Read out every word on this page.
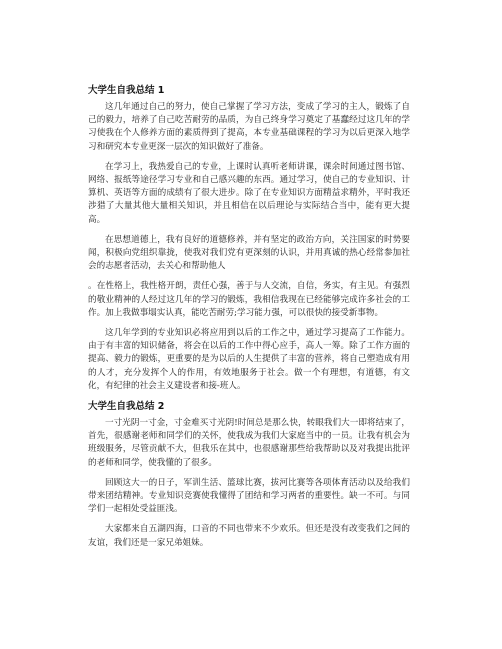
大学生自我总结 1

这几年通过自己的努力，使自己掌握了学习方法，变成了学习的主人，锻炼了自己的毅力，培养了自己吃苦耐劳的品质，为自己终身学习奠定了基蠢经过这几年的学习使我在个人修养方面的素质得到了提高，本专业基础课程的学习为以后更深入地学习和研究本专业更深一层次的知识做好了准备。

在学习上，我热爱自己的专业，上课时认真听老师讲课，课余时间通过图书馆、网络、报纸等途径学习专业和自己感兴趣的东西。通过学习，使自己的专业知识、计算机、英语等方面的成绩有了很大进步。除了在专业知识方面精益求精外，平时我还涉猎了大量其他大量相关知识，并且相信在以后理论与实际结合当中，能有更大提高。

在思想道德上，我有良好的道德修养，并有坚定的政治方向，关注国家的时势要闻，积极向党组织靠拢，使我对我们党有更深刻的认识，并用真诚的热心经常参加社会的志愿者活动，去关心和帮助他人

。在性格上，我性格开朗，责任心强，善于与人交流，自信，务实，有主见。有强烈的敬业精神的人经过这几年的学习的锻炼，我相信我现在已经能够完成许多社会的工作。加上我做事塌实认真，能吃苦耐劳;学习能力强，可以很快的接受新事物。

这几年学到的专业知识必将应用到以后的工作之中，通过学习提高了工作能力。由于有丰富的知识储备，将会在以后的工作中得心应手，高人一筹。除了工作方面的提高、毅力的锻炼，更重要的是为以后的人生提供了丰富的营养，将自己塑造成有用的人才，充分发挥个人的作用，有效地服务于社会。做一个有理想，有道德，有文化，有纪律的社会主义建设者和接-班人。

大学生自我总结 2

一寸光阴一寸金，寸金难买寸光阴!时间总是那么快，转眼我们大一即将结束了，首先，很感谢老师和同学们的关怀，使我成为我们大家庭当中的一员。让我有机会为班级服务，尽管贡献不大，但我乐在其中，也很感谢那些给我帮助以及对我提出批评的老师和同学，使我懂的了很多。

回顾这大一的日子，军训生活、篮球比赛，拔河比赛等各项体育活动以及给我们带来团结精神。专业知识竞赛使我懂得了团结和学习两者的重要性。缺一不可。与同学们一起相处受益匪浅。

大家都来自五湖四海，口音的不同也带来不少欢乐。但还是没有改变我们之间的友谊，我们还是一家兄弟姐妹。
